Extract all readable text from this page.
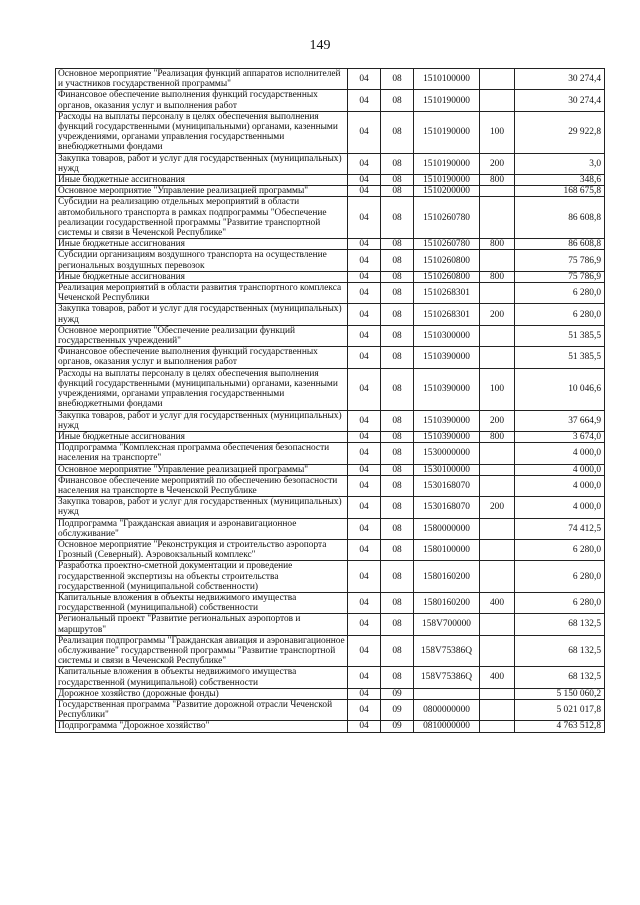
149
Основное мероприятие "Реализация функций аппаратов исполнителей и участников государственной программы"	04	08	1510100000		30 274,4
Финансовое обеспечение выполнения функций государственных органов, оказания услуг и выполнения работ	04	08	1510190000		30 274,4
Расходы на выплаты персоналу в целях обеспечения выполнения функций государственными (муниципальными) органами, казенными учреждениями, органами управления государственными внебюджетными фондами	04	08	1510190000	100	29 922,8
Закупка товаров, работ и услуг для государственных (муниципальных) нужд	04	08	1510190000	200	3,0
Иные бюджетные ассигнования	04	08	1510190000	800	348,6
Основное мероприятие "Управление реализацией программы"	04	08	1510200000		168 675,8
Субсидии на реализацию отдельных мероприятий в области автомобильного транспорта в рамках подпрограммы "Обеспечение реализации государственной программы "Развитие транспортной системы и связи в Чеченской Республике"	04	08	1510260780		86 608,8
Иные бюджетные ассигнования	04	08	1510260780	800	86 608,8
Субсидии организациям воздушного транспорта на осуществление региональных воздушных перевозок	04	08	1510260800		75 786,9
Иные бюджетные ассигнования	04	08	1510260800	800	75 786,9
Реализация мероприятий в области развития транспортного комплекса Чеченской Республики	04	08	1510268301		6 280,0
Закупка товаров, работ и услуг для государственных (муниципальных) нужд	04	08	1510268301	200	6 280,0
Основное мероприятие "Обеспечение реализации функций государственных учреждений"	04	08	1510300000		51 385,5
Финансовое обеспечение выполнения функций государственных органов, оказания услуг и выполнения работ	04	08	1510390000		51 385,5
Расходы на выплаты персоналу в целях обеспечения выполнения функций государственными (муниципальными) органами, казенными учреждениями, органами управления государственными внебюджетными фондами	04	08	1510390000	100	10 046,6
Закупка товаров, работ и услуг для государственных (муниципальных) нужд	04	08	1510390000	200	37 664,9
Иные бюджетные ассигнования	04	08	1510390000	800	3 674,0
Подпрограмма "Комплексная программа обеспечения безопасности населения на транспорте"	04	08	1530000000		4 000,0
Основное мероприятие "Управление реализацией программы"	04	08	1530100000		4 000,0
Финансовое обеспечение мероприятий по обеспечению безопасности населения на транспорте в Чеченской Республике	04	08	1530168070		4 000,0
Закупка товаров, работ и услуг для государственных (муниципальных) нужд	04	08	1530168070	200	4 000,0
Подпрограмма "Гражданская авиация и аэронавигационное обслуживание"	04	08	1580000000		74 412,5
Основное мероприятие "Реконструкция и строительство аэропорта Грозный (Северный). Аэровокзальный комплекс"	04	08	1580100000		6 280,0
Разработка проектно-сметной документации и проведение государственной экспертизы на объекты строительства государственной (муниципальной собственности)	04	08	1580160200		6 280,0
Капитальные вложения в объекты недвижимого имущества государственной (муниципальной) собственности	04	08	1580160200	400	6 280,0
Региональный проект "Развитие региональных аэропортов и маршрутов"	04	08	158V700000		68 132,5
Реализация подпрограммы "Гражданская авиация и аэронавигационное обслуживание" государственной программы "Развитие транспортной системы и связи в Чеченской Республике"	04	08	158V75386Q		68 132,5
Капитальные вложения в объекты недвижимого имущества государственной (муниципальной) собственности	04	08	158V75386Q	400	68 132,5
Дорожное хозяйство (дорожные фонды)	04	09			5 150 060,2
Государственная программа "Развитие дорожной отрасли Чеченской Республики"	04	09	0800000000		5 021 017,8
Подпрограмма "Дорожное хозяйство"	04	09	0810000000		4 763 512,8
